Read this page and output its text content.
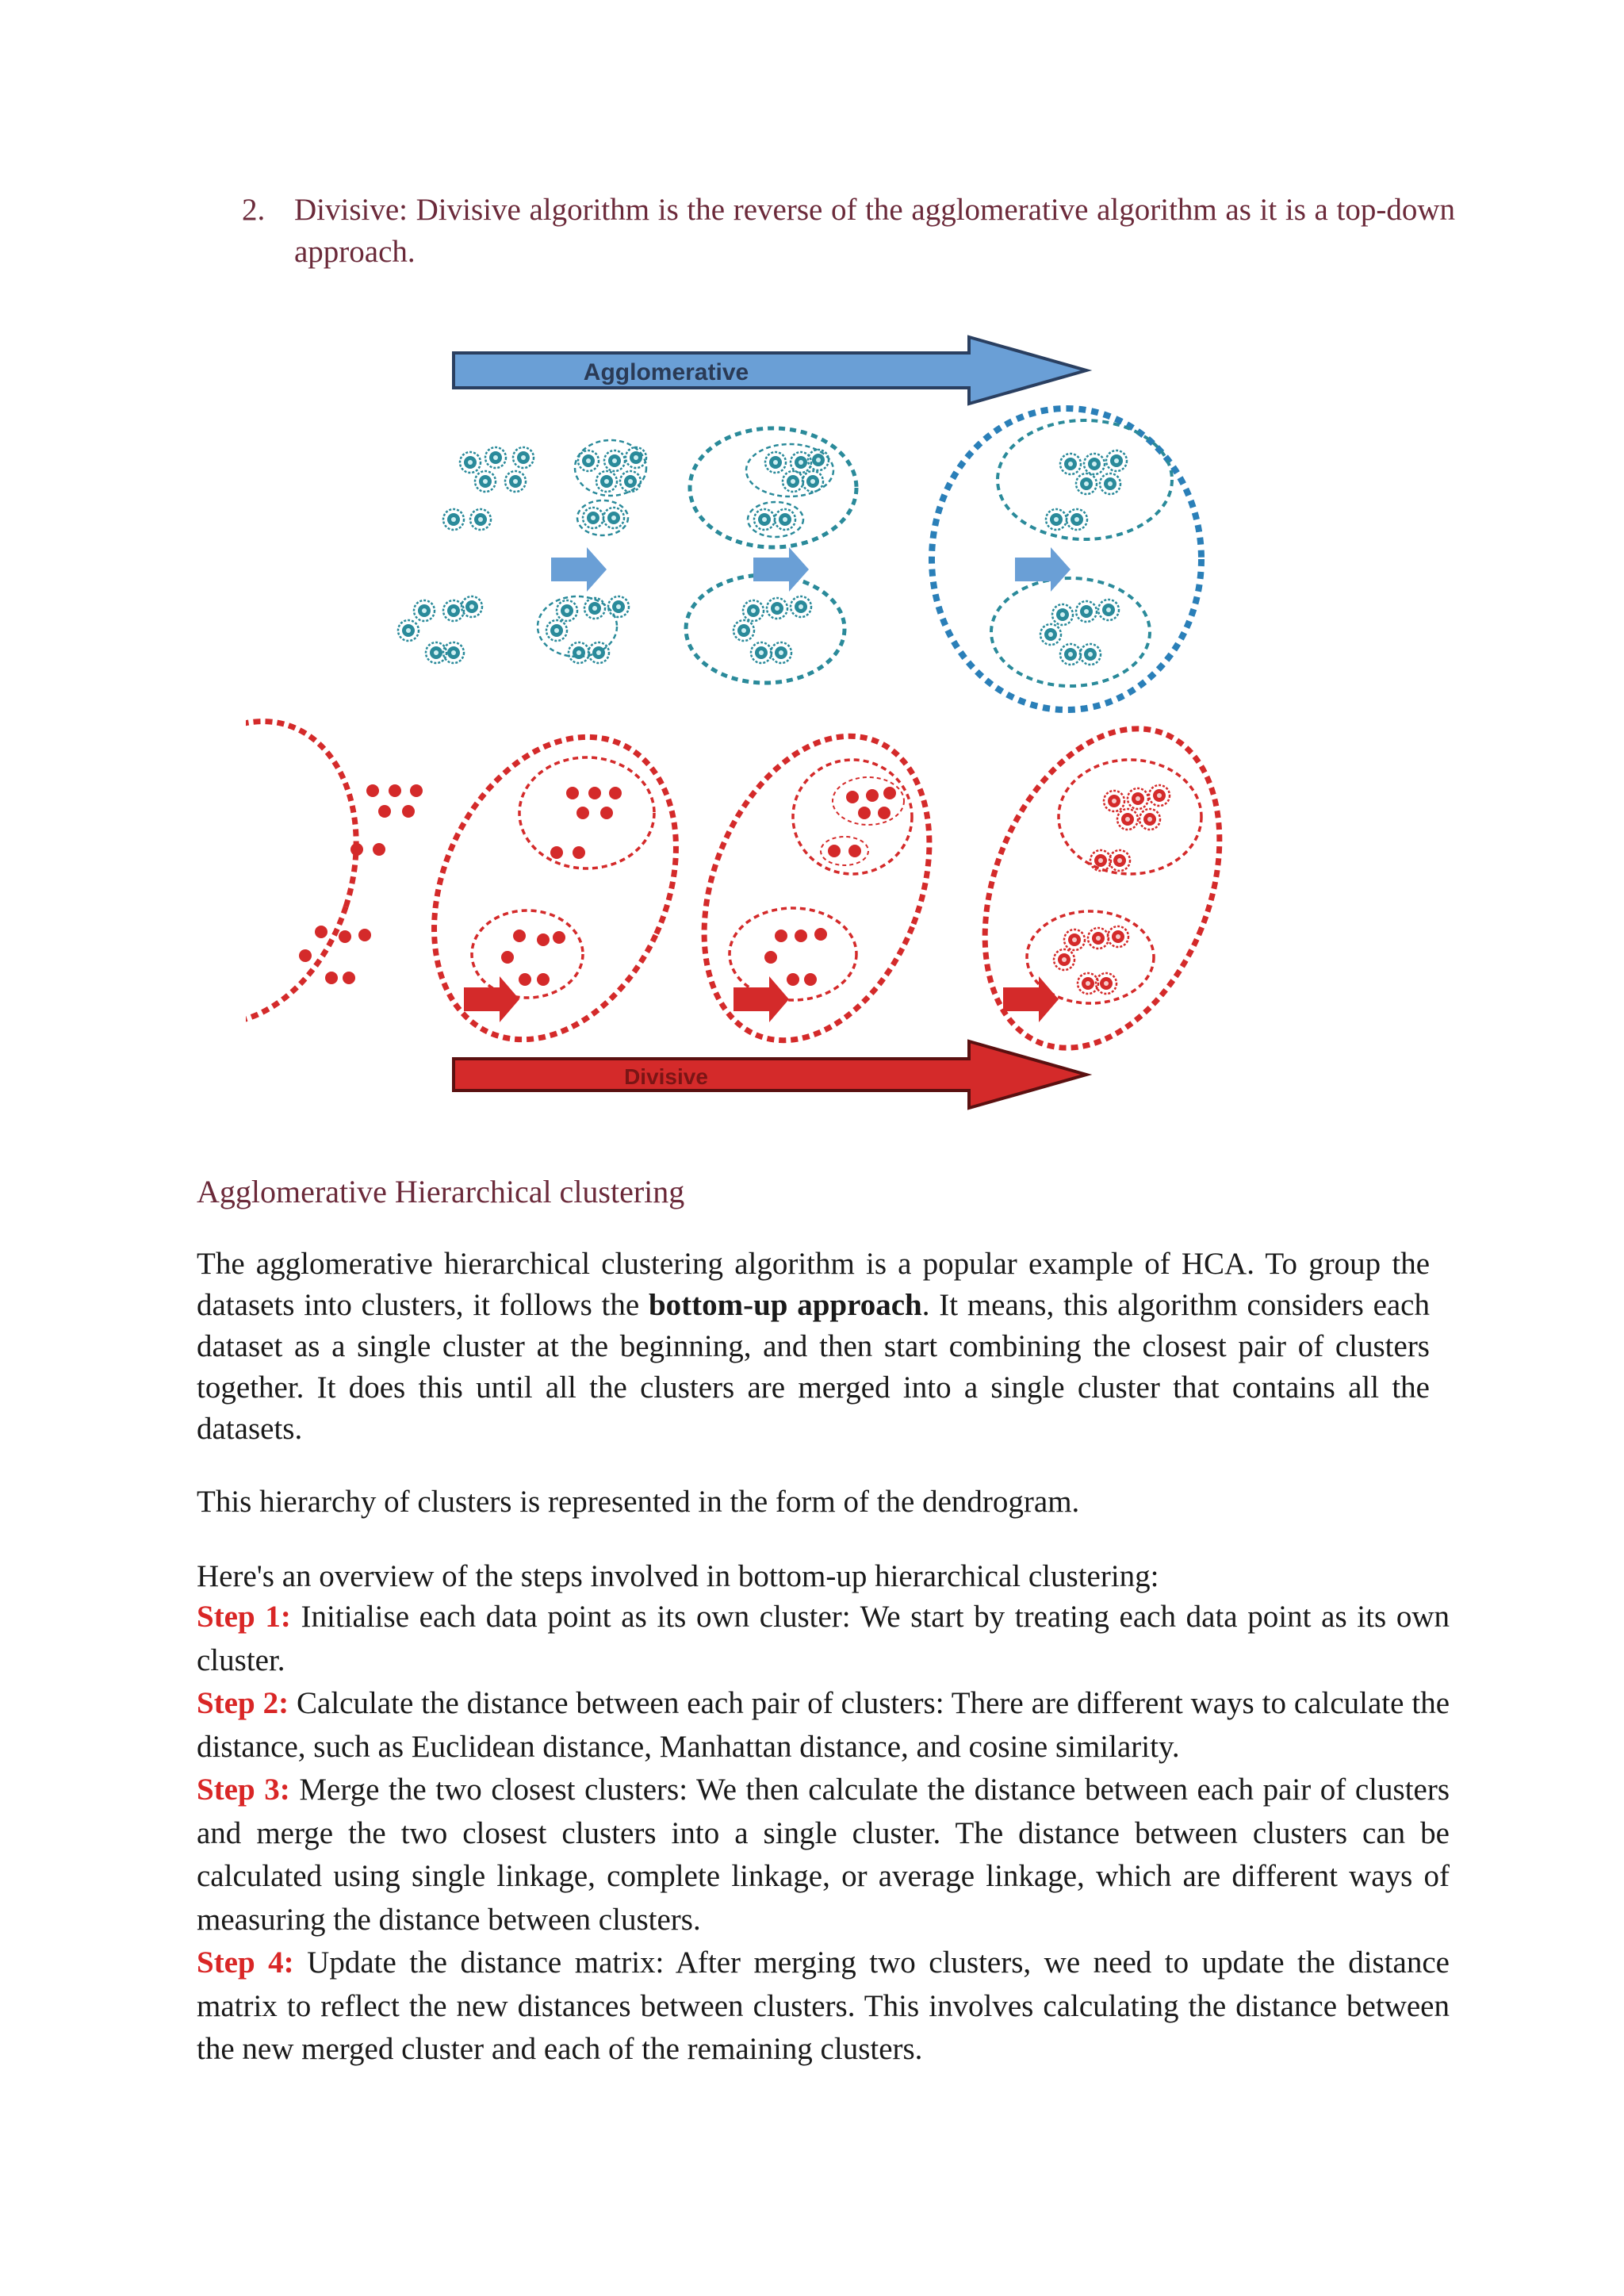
2. Divisive: Divisive algorithm is the reverse of the agglomerative algorithm as it is a top-down approach.
Agglomerative
Divisive
Agglomerative Hierarchical clustering
The agglomerative hierarchical clustering algorithm is a popular example of HCA. To group the datasets into clusters, it follows the bottom-up approach. It means, this algorithm considers each dataset as a single cluster at the beginning, and then start combining the closest pair of clusters together. It does this until all the clusters are merged into a single cluster that contains all the datasets.
This hierarchy of clusters is represented in the form of the dendrogram.
Here's an overview of the steps involved in bottom-up hierarchical clustering:

Step 1: Initialise each data point as its own cluster: We start by treating each data point as its own cluster.

Step 2: Calculate the distance between each pair of clusters: There are different ways to calculate the distance, such as Euclidean distance, Manhattan distance, and cosine similarity.

Step 3: Merge the two closest clusters: We then calculate the distance between each pair of clusters and merge the two closest clusters into a single cluster. The distance between clusters can be calculated using single linkage, complete linkage, or average linkage, which are different ways of measuring the distance between clusters.

Step 4: Update the distance matrix: After merging two clusters, we need to update the distance matrix to reflect the new distances between clusters. This involves calculating the distance between the new merged cluster and each of the remaining clusters.
